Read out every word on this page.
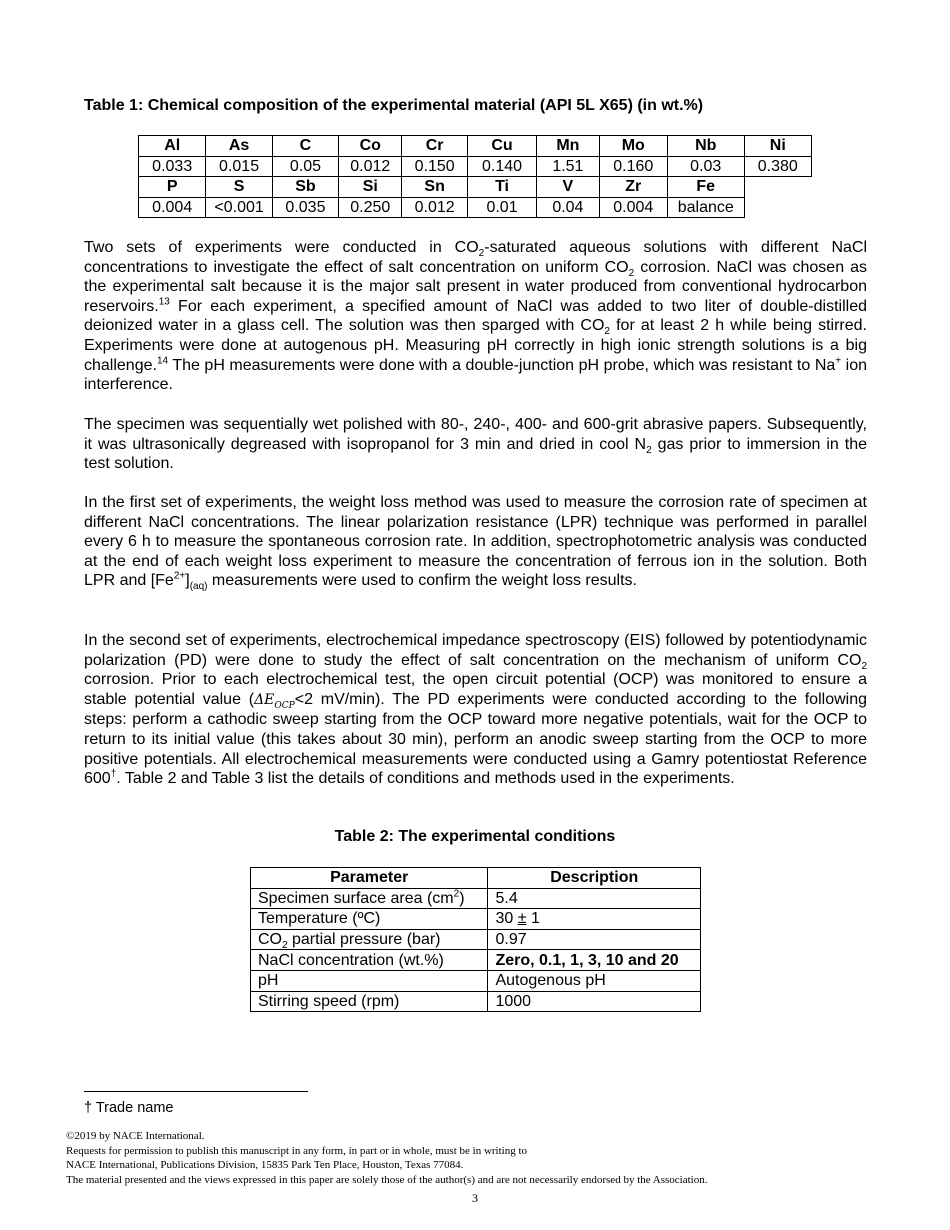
Table 1: Chemical composition of the experimental material (API 5L X65) (in wt.%)
Al	As	C	Co	Cr	Cu	Mn	Mo	Nb	Ni
0.033	0.015	0.05	0.012	0.150	0.140	1.51	0.160	0.03	0.380
P	S	Sb	Si	Sn	Ti	V	Zr	Fe	
0.004	<0.001	0.035	0.250	0.012	0.01	0.04	0.004	balance	
Two sets of experiments were conducted in $CO_2$-saturated aqueous solutions with different NaCl concentrations to investigate the effect of salt concentration on uniform $CO_2$ corrosion. NaCl was chosen as the experimental salt because it is the major salt present in water produced from conventional hydrocarbon reservoirs.$^{13}$ For each experiment, a specified amount of NaCl was added to two liter of double-distilled deionized water in a glass cell. The solution was then sparged with $CO_2$ for at least 2 h while being stirred. Experiments were done at autogenous pH. Measuring pH correctly in high ionic strength solutions is a big challenge.$^{14}$ The pH measurements were done with a double-junction pH probe, which was resistant to Na+ ion interference.
The specimen was sequentially wet polished with 80-, 240-, 400- and 600-grit abrasive papers. Subsequently, it was ultrasonically degreased with isopropanol for 3 min and dried in cool $N_2$ gas prior to immersion in the test solution.
In the first set of experiments, the weight loss method was used to measure the corrosion rate of specimen at different NaCl concentrations. The linear polarization resistance (LPR) technique was performed in parallel every 6 h to measure the spontaneous corrosion rate. In addition, spectrophotometric analysis was conducted at the end of each weight loss experiment to measure the concentration of ferrous ion in the solution. Both LPR and $[Fe^{2+}]_{(aq)}$ measurements were used to confirm the weight loss results.
In the second set of experiments, electrochemical impedance spectroscopy (EIS) followed by potentiodynamic polarization (PD) were done to study the effect of salt concentration on the mechanism of uniform $CO_2$ corrosion. Prior to each electrochemical test, the open circuit potential (OCP) was monitored to ensure a stable potential value ($\Delta E_{OCP}<2$ mV/min). The PD experiments were conducted according to the following steps: perform a cathodic sweep starting from the OCP toward more negative potentials, wait for the OCP to return to its initial value (this takes about 30 min), perform an anodic sweep starting from the OCP to more positive potentials. All electrochemical measurements were conducted using a Gamry potentiostat Reference 600†. Table 2 and Table 3 list the details of conditions and methods used in the experiments.
Table 2: The experimental conditions
Parameter	Description
Specimen surface area $(cm^2)$	5.4
Temperature (ºC)	30 ± 1
$CO_2$ partial pressure (bar)	0.97
NaCl concentration (wt.%)	Zero, 0.1, 1, 3, 10 and 20
pH	Autogenous pH
Stirring speed (rpm)	1000
† Trade name
©2019 by NACE International.
Requests for permission to publish this manuscript in any form, in part or in whole, must be in writing to
NACE International, Publications Division, 15835 Park Ten Place, Houston, Texas 77084.
The material presented and the views expressed in this paper are solely those of the author(s) and are not necessarily endorsed by the Association.
3
